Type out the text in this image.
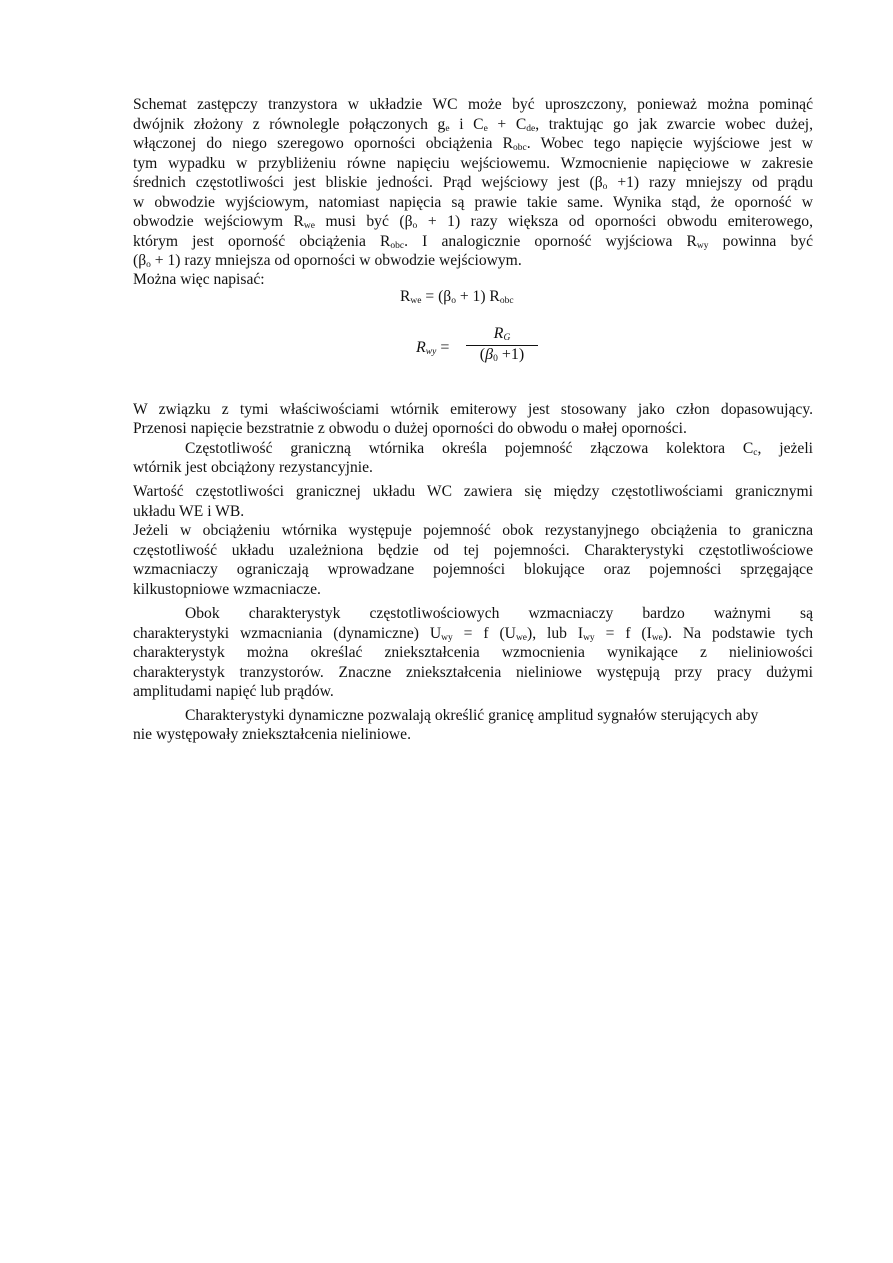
Schemat zastępczy tranzystora w układzie WC może być uproszczony, ponieważ można pominąć
dwójnik złożony z równolegle połączonych $g_e$ i $C_e + C_{de}$, traktując go jak zwarcie wobec dużej,
włączonej do niego szeregowo oporności obciążenia $R_{obc}$. Wobec tego napięcie wyjściowe jest w
tym wypadku w przybliżeniu równe napięciu wejściowemu. Wzmocnienie napięciowe w zakresie
średnich częstotliwości jest bliskie jedności. Prąd wejściowy jest $(\beta_o +1)$ razy mniejszy od prądu
w obwodzie wyjściowym, natomiast napięcia są prawie takie same. Wynika stąd, że oporność w
obwodzie wejściowym $R_{we}$ musi być $(\beta_o + 1)$ razy większa od oporności obwodu emiterowego,
którym jest oporność obciążenia $R_{obc}$. I analogicznie oporność wyjściowa $R_{wy}$ powinna być
$(\beta_o + 1)$ razy mniejsza od oporności w obwodzie wejściowym.
Można więc napisać:
W związku z tymi właściwościami wtórnik emiterowy jest stosowany jako człon dopasowujący.
Przenosi napięcie bezstratnie z obwodu o dużej oporności do obwodu o małej oporności.
Częstotliwość graniczną wtórnika określa pojemność złączowa kolektora $C_c$, jeżeli
wtórnik jest obciążony rezystancyjnie.
Wartość częstotliwości granicznej układu WC zawiera się między częstotliwościami granicznymi
układu WE i WB.
Jeżeli w obciążeniu wtórnika występuje pojemność obok rezystanyjnego obciążenia to graniczna
częstotliwość układu uzależniona będzie od tej pojemności. Charakterystyki częstotliwościowe
wzmacniaczy ograniczają wprowadzane pojemności blokujące oraz pojemności sprzęgające
kilkustopniowe wzmacniacze.
Obok charakterystyk częstotliwościowych wzmacniaczy bardzo ważnymi są
charakterystyki wzmacniania (dynamiczne) $U_{wy} = f$ $(U_{we})$, lub $I_{wy} = f$ $(I_{we})$. Na podstawie tych
charakterystyk można określać zniekształcenia wzmocnienia wynikające z nieliniowości
charakterystyk tranzystorów. Znaczne zniekształcenia nieliniowe występują przy pracy dużymi
amplitudami napięć lub prądów.
Charakterystyki dynamiczne pozwalają określić granicę amplitud sygnałów sterujących aby
nie występowały zniekształcenia nieliniowe.
$R_{we} = (\beta_o + 1)$ $R_{obc}$
$R_{wy}$ =
$R_G$
$(\beta_0 +1)$
